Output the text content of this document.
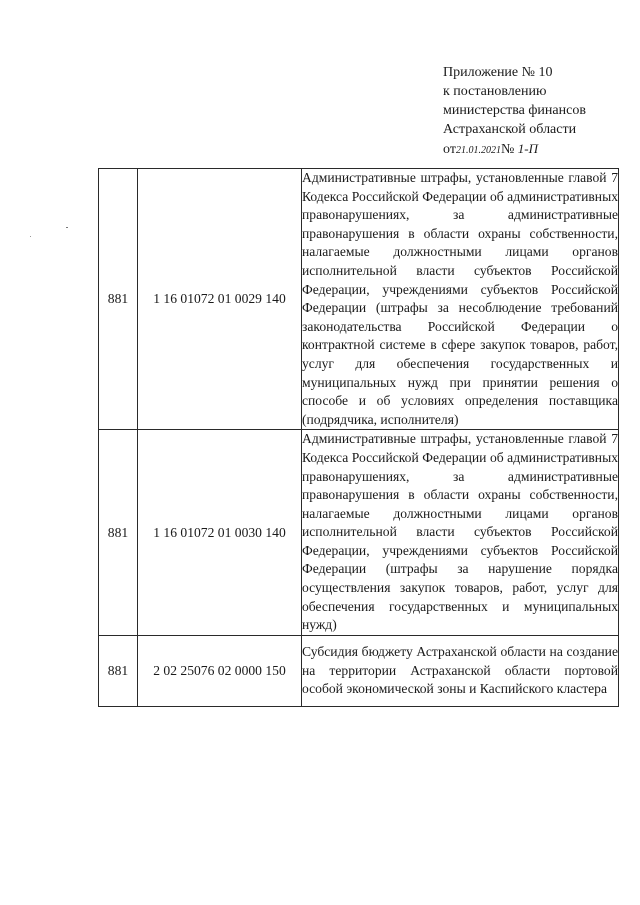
Приложение № 10
к постановлению
министерства финансов
Астраханской области
от21.01.2021№ 1-П
881	1 16 01072 01 0029 140	Административные штрафы, установленные главой 7 Кодекса Российской Федерации об административных правонарушениях, за административные правонарушения в области охраны собственности, налагаемые должностными лицами органов исполнительной власти субъектов Российской Федерации, учреждениями субъектов Российской Федерации (штрафы за несоблюдение требований законодательства Российской Федерации о контрактной системе в сфере закупок товаров, работ, услуг для обеспечения государственных и муниципальных нужд при принятии решения о способе и об условиях определения поставщика (подрядчика, исполнителя)
881	1 16 01072 01 0030 140	Административные штрафы, установленные главой 7 Кодекса Российской Федерации об административных правонарушениях, за административные правонарушения в области охраны собственности, налагаемые должностными лицами органов исполнительной власти субъектов Российской Федерации, учреждениями субъектов Российской Федерации (штрафы за нарушение порядка осуществления закупок товаров, работ, услуг для обеспечения государственных и муниципальных нужд)
881	2 02 25076 02 0000 150	Субсидия бюджету Астраханской области на создание на территории Астраханской области портовой особой экономической зоны и Каспийского кластера
